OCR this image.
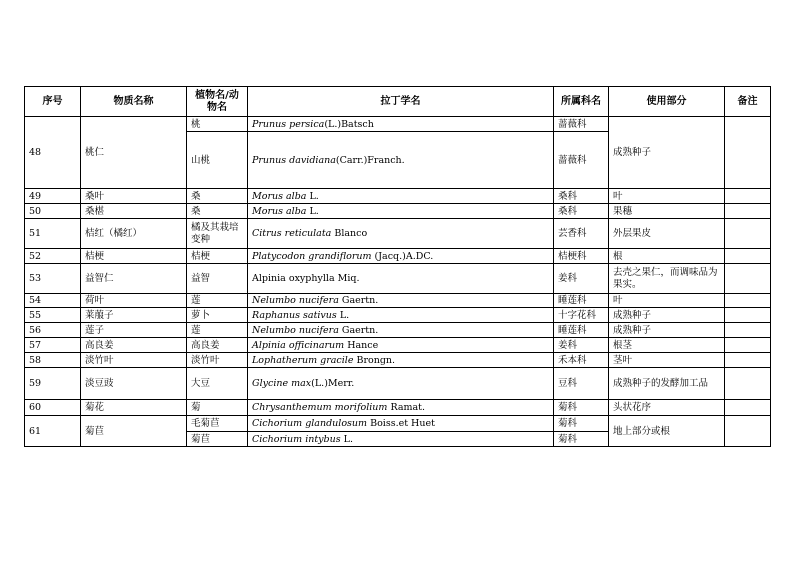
序号	物质名称	植物名/动物名	拉丁学名	所属科名	使用部分	备注
48	桃仁	桃	Prunus persica(L.)Batsch	蔷薇科	成熟种子	
		山桃	Prunus davidiana(Carr.)Franch.	蔷薇科		
49	桑叶	桑	Morus alba L.	桑科	叶	
50	桑椹	桑	Morus alba L.	桑科	果穗	
51	桔红（橘红）	橘及其栽培变种	Citrus reticulata Blanco	芸香科	外层果皮	
52	桔梗	桔梗	Platycodon grandiflorum (Jacq.)A.DC.	桔梗科	根	
53	益智仁	益智	Alpinia oxyphylla Miq.	姜科	去壳之果仁，而调味品为果实。	
54	荷叶	莲	Nelumbo nucifera Gaertn.	睡莲科	叶	
55	莱菔子	萝卜	Raphanus sativus L.	十字花科	成熟种子	
56	莲子	莲	Nelumbo nucifera Gaertn.	睡莲科	成熟种子	
57	高良姜	高良姜	Alpinia officinarum Hance	姜科	根茎	
58	淡竹叶	淡竹叶	Lophatherum gracile Brongn.	禾本科	茎叶	
59	淡豆豉	大豆	Glycine max(L.)Merr.	豆科	成熟种子的发酵加工品	
60	菊花	菊	Chrysanthemum morifolium Ramat.	菊科	头状花序	
61	菊苣	毛菊苣	Cichorium glandulosum Boiss.et Huet	菊科	地上部分或根	
		菊苣	Cichorium intybus L.	菊科		
